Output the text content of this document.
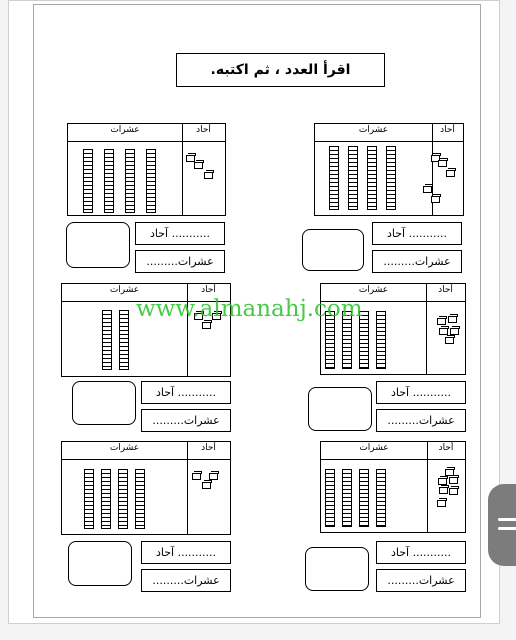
اقرأ العدد ، ثم اكتبه.
عشرات	أحاد
........... آحاد
عشرات.........
عشرات	أحاد
........... آحاد
عشرات.........
عشرات	أحاد
........... آحاد
عشرات.........
عشرات	أحاد
........... آحاد
عشرات.........
عشرات	أحاد
........... آحاد
عشرات.........
عشرات	أحاد
........... آحاد
عشرات.........
www.almanahj.com
